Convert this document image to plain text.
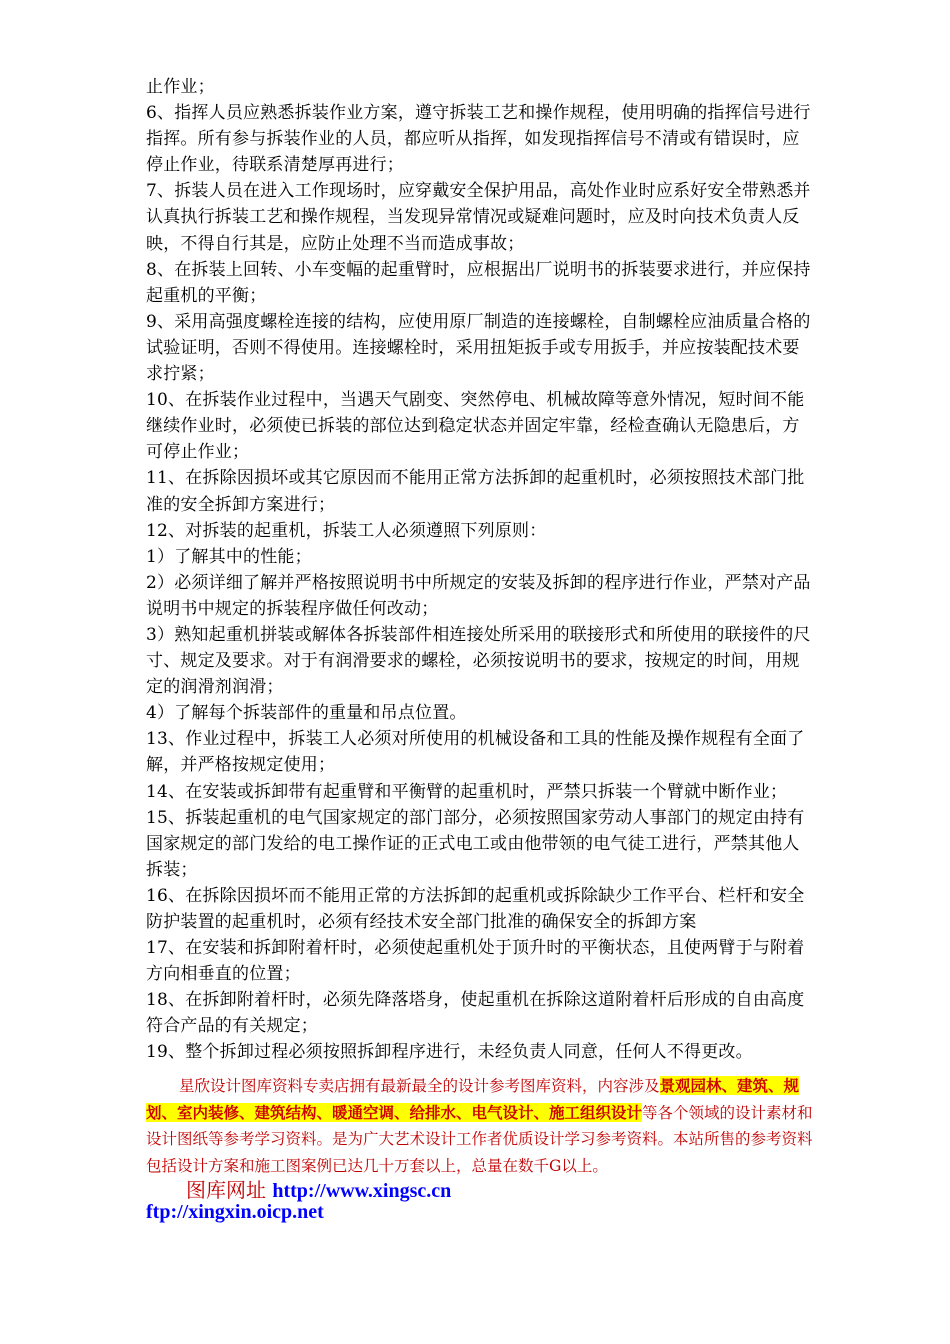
止作业；

6、指挥人员应熟悉拆装作业方案，遵守拆装工艺和操作规程，使用明确的指挥信号进行指挥。所有参与拆装作业的人员，都应听从指挥，如发现指挥信号不清或有错误时，应停止作业，待联系清楚厚再进行；

7、拆装人员在进入工作现场时，应穿戴安全保护用品，高处作业时应系好安全带熟悉并认真执行拆装工艺和操作规程，当发现异常情况或疑难问题时，应及时向技术负责人反映，不得自行其是，应防止处理不当而造成事故；

8、在拆装上回转、小车变幅的起重臂时，应根据出厂说明书的拆装要求进行，并应保持起重机的平衡；

9、采用高强度螺栓连接的结构，应使用原厂制造的连接螺栓，自制螺栓应油质量合格的试验证明，否则不得使用。连接螺栓时，采用扭矩扳手或专用扳手，并应按装配技术要求拧紧；

10、在拆装作业过程中，当遇天气剧变、突然停电、机械故障等意外情况，短时间不能继续作业时，必须使已拆装的部位达到稳定状态并固定牢靠，经检查确认无隐患后，方可停止作业；

11、在拆除因损坏或其它原因而不能用正常方法拆卸的起重机时，必须按照技术部门批准的安全拆卸方案进行；

12、对拆装的起重机，拆装工人必须遵照下列原则：

1）了解其中的性能；

2）必须详细了解并严格按照说明书中所规定的安装及拆卸的程序进行作业，严禁对产品说明书中规定的拆装程序做任何改动；

3）熟知起重机拼装或解体各拆装部件相连接处所采用的联接形式和所使用的联接件的尺寸、规定及要求。对于有润滑要求的螺栓，必须按说明书的要求，按规定的时间，用规定的润滑剂润滑；

4）了解每个拆装部件的重量和吊点位置。

13、作业过程中，拆装工人必须对所使用的机械设备和工具的性能及操作规程有全面了解，并严格按规定使用；

14、在安装或拆卸带有起重臂和平衡臂的起重机时，严禁只拆装一个臂就中断作业；

15、拆装起重机的电气国家规定的部门部分，必须按照国家劳动人事部门的规定由持有国家规定的部门发给的电工操作证的正式电工或由他带领的电气徒工进行，严禁其他人拆装；

16、在拆除因损坏而不能用正常的方法拆卸的起重机或拆除缺少工作平台、栏杆和安全防护装置的起重机时，必须有经技术安全部门批准的确保安全的拆卸方案

17、在安装和拆卸附着杆时，必须使起重机处于顶升时的平衡状态，且使两臂于与附着方向相垂直的位置；

18、在拆卸附着杆时，必须先降落塔身，使起重机在拆除这道附着杆后形成的自由高度符合产品的有关规定；

19、整个拆卸过程必须按照拆卸程序进行，未经负责人同意，任何人不得更改。

星欣设计图库资料专卖店拥有最新最全的设计参考图库资料，内容涉及景观园林、建筑、规划、室内装修、建筑结构、暖通空调、给排水、电气设计、施工组织设计等各个领域的设计素材和设计图纸等参考学习资料。是为广大艺术设计工作者优质设计学习参考资料。本站所售的参考资料包括设计方案和施工图案例已达几十万套以上，总量在数千G以上。

图库网址 http://www.xingsc.cn
ftp://xingxin.oicp.net
